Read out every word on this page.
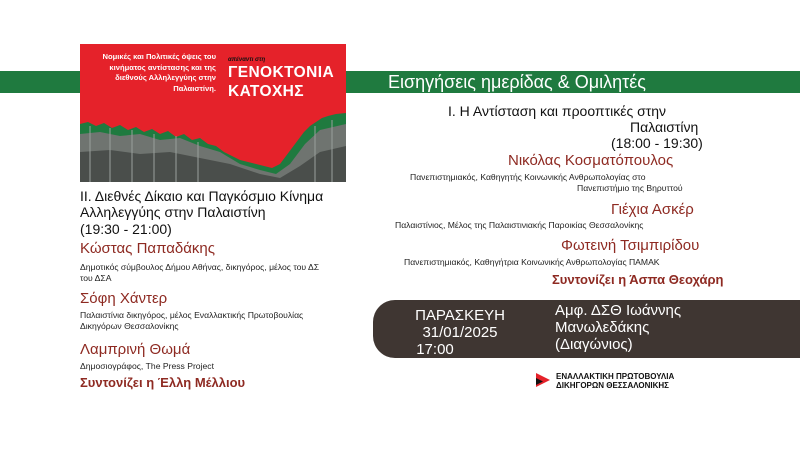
Εισηγήσεις ημερίδας & Ομιλητές
Νομικές και Πολιτικές όψεις του κινήματος αντίστασης και της διεθνούς Αλληλεγγύης στην Παλαιστίνη.
απέναντι στη
ΓΕΝΟΚΤΟΝΙΑ
ΚΑΤΟΧΗΣ
Ι. Η Αντίσταση και προοπτικές στην
Παλαιστίνη
(18:00 - 19:30)
Νικόλας Κοσματόπουλος
Πανεπιστημιακός, Καθηγητής Κοινωνικής Ανθρωπολογίας στο
Πανεπιστήμιο της Βηρυττού
Γιέχια Ασκέρ
Παλαιστίνιος, Μέλος της Παλαιστινιακής Παροικίας Θεσσαλονίκης
Φωτεινή Τσιμπιρίδου
Πανεπιστημιακός, Καθηγήτρια Κοινωνικής Ανθρωπολογίας ΠΑΜΑΚ
Συντονίζει η Άσπα Θεοχάρη
ΙΙ. Διεθνές Δίκαιο και Παγκόσμιο Κίνημα
Αλληλεγγύης στην Παλαιστίνη
(19:30 - 21:00)
Κώστας Παπαδάκης
Δημοτικός σύμβουλος Δήμου Αθήνας, δικηγόρος, μέλος του ΔΣ
του ΔΣΑ
Σόφη Χάντερ
Παλαιστίνια δικηγόρος, μέλος Εναλλακτικής Πρωτοβουλίας
Δικηγόρων Θεσσαλονίκης
Λαμπρινή Θωμά
Δημοσιογράφος, The Press Project
Συντονίζει η Έλλη Μέλλιου
ΠΑΡΑΣΚΕΥΗ
31/01/2025
17:00
Αμφ. ΔΣΘ Ιωάννης
Μανωλεδάκης
(Διαγώνιος)
ΕΝΑΛΛΑΚΤΙΚΗ ΠΡΩΤΟΒΟΥΛΙΑ
ΔΙΚΗΓΟΡΩΝ ΘΕΣΣΑΛΟΝΙΚΗΣ
